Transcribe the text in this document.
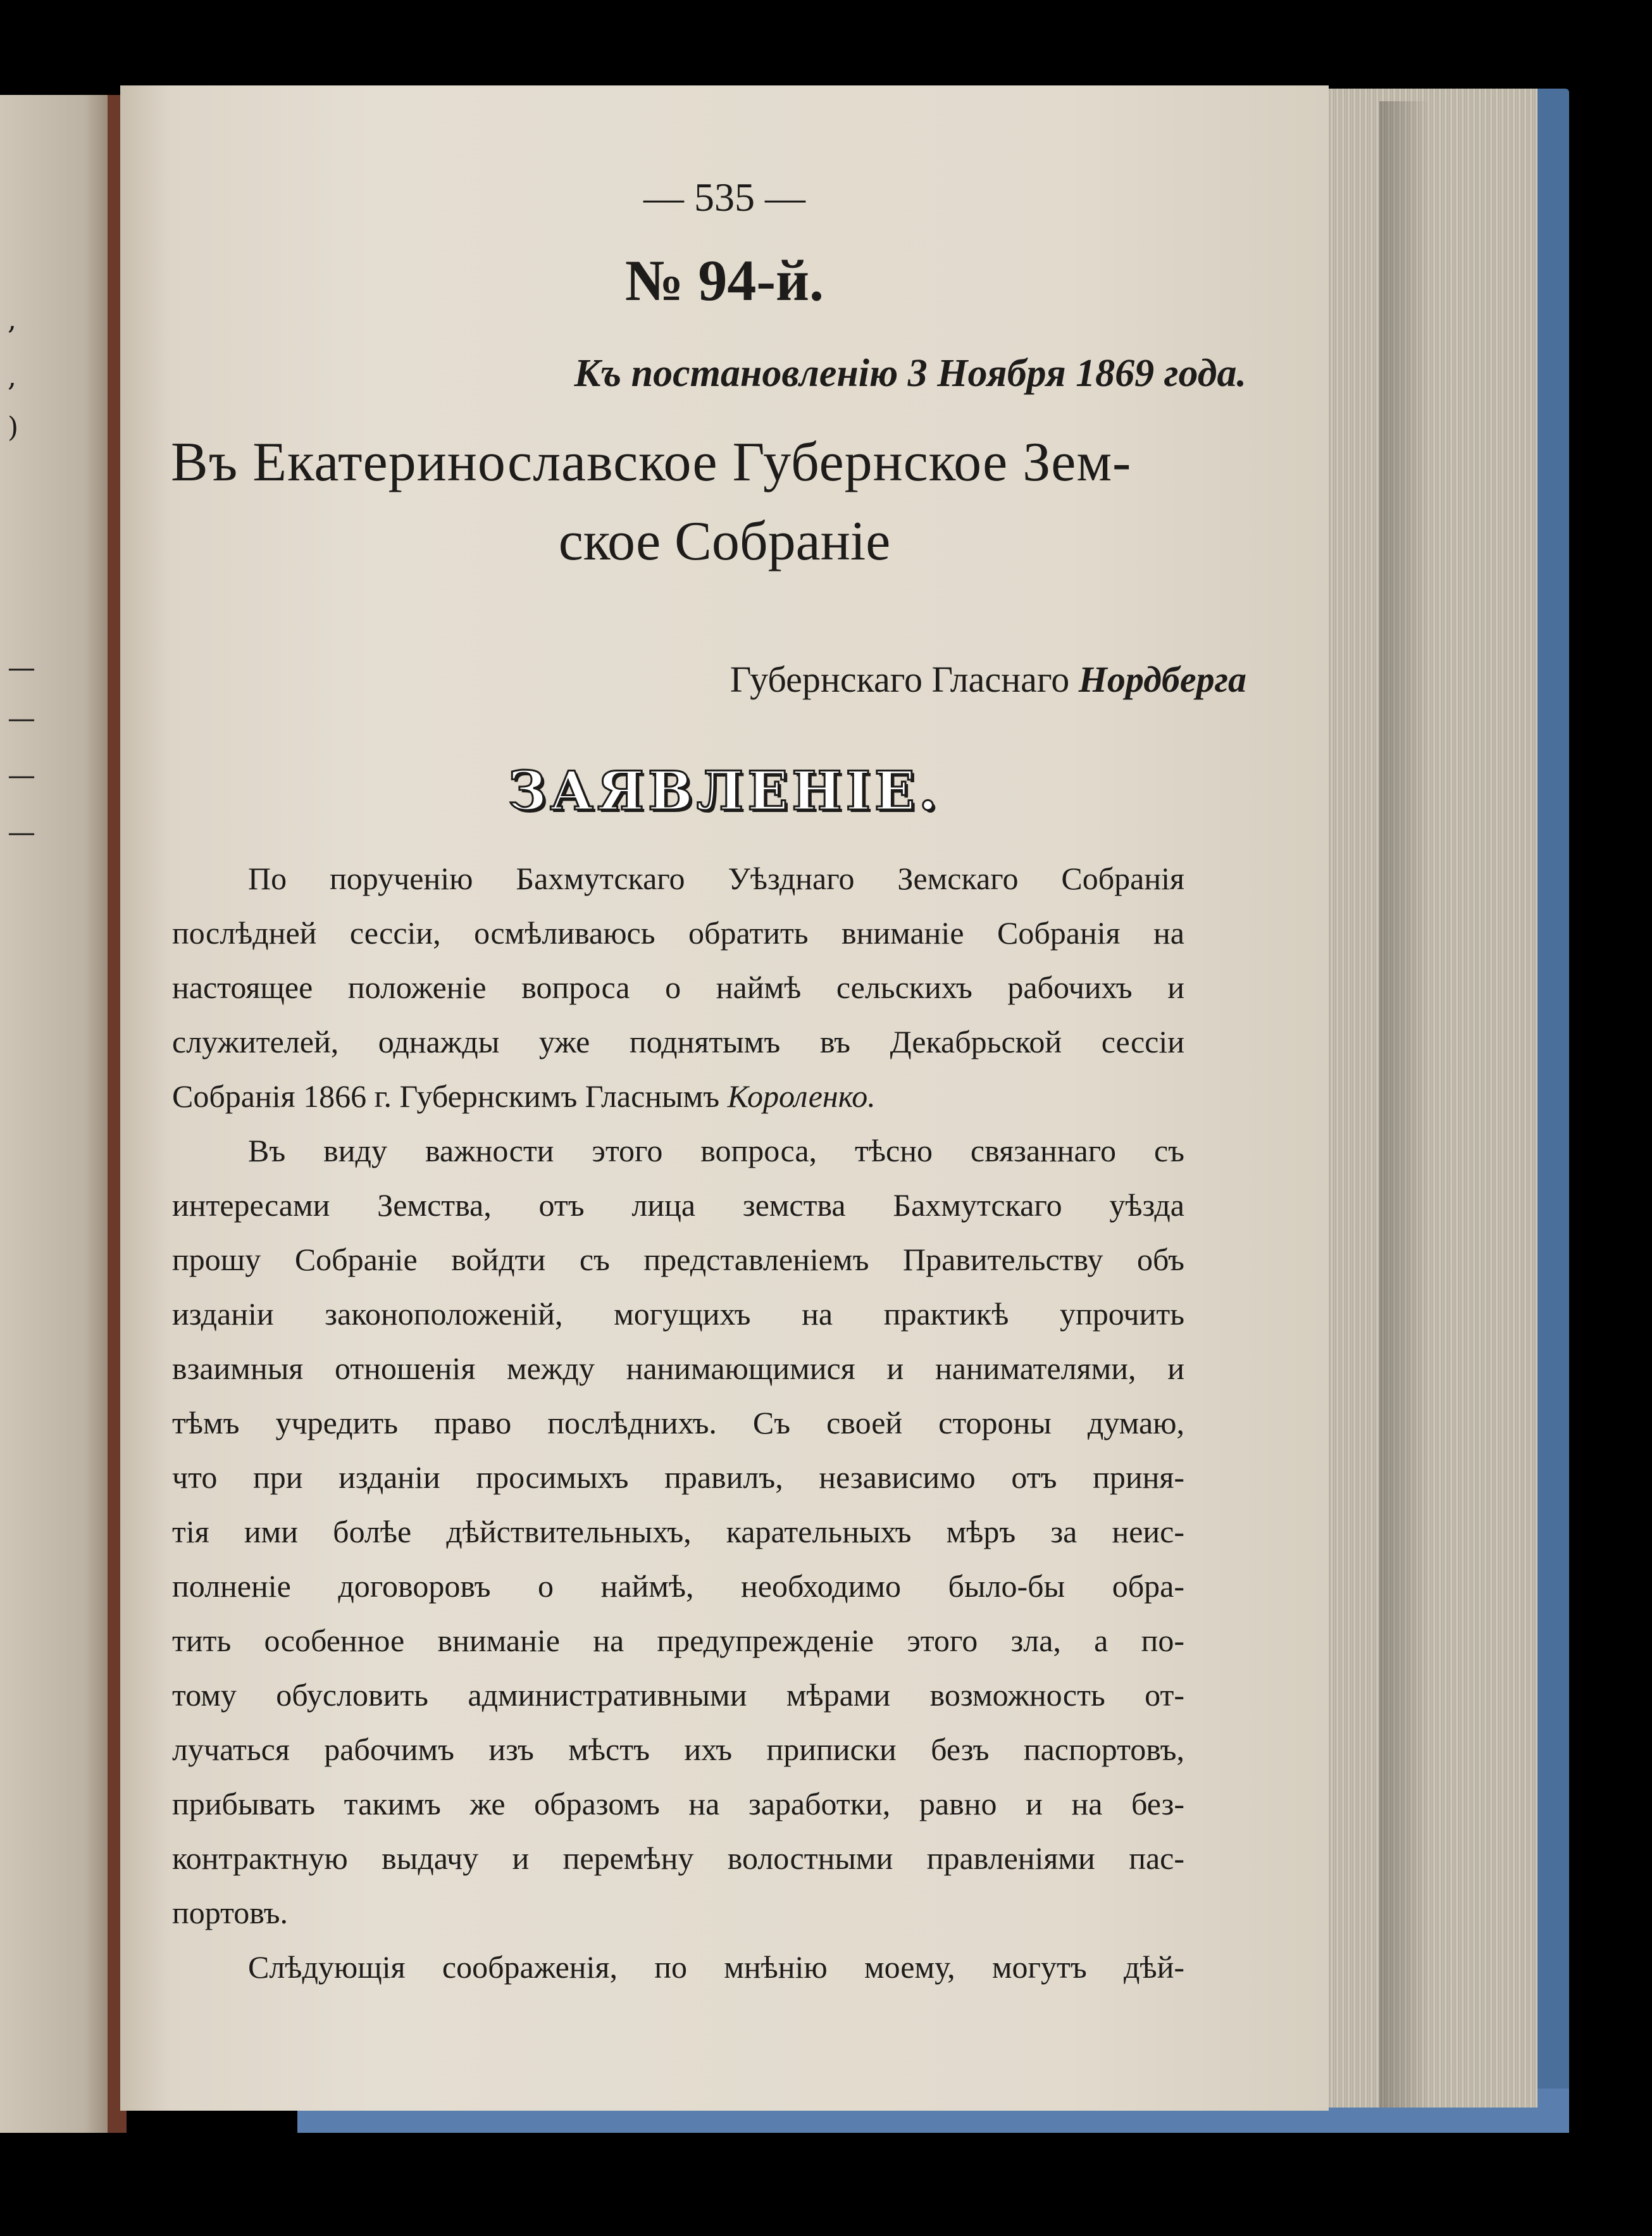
,
,
)
—
—
—
—
— 535 —
№ 94-й.
Къ постановленію 3 Ноября 1869 года.
Въ Екатеринославское Губернское Зем-
ское Собраніе
Губернскаго Гласнаго Нордберга
ЗАЯВЛЕНІЕ.
По порученію Бахмутскаго Уѣзднаго Земскаго Собранія
послѣдней сессіи, осмѣливаюсь обратить вниманіе Собранія на
настоящее положеніе вопроса о наймѣ сельскихъ рабочихъ и
служителей, однажды уже поднятымъ въ Декабрьской сессіи
Собранія 1866 г. Губернскимъ Гласнымъ Короленко.
Въ виду важности этого вопроса, тѣсно связаннаго съ
интересами Земства, отъ лица земства Бахмутскаго уѣзда
прошу Собраніе войдти съ представленіемъ Правительству объ
изданіи законоположеній, могущихъ на практикѣ упрочить
взаимныя отношенія между нанимающимися и нанимателями, и
тѣмъ учредить право послѣднихъ. Съ своей стороны думаю,
что при изданіи просимыхъ правилъ, независимо отъ приня-
тія ими болѣе дѣйствительныхъ, карательныхъ мѣръ за неис-
полненіе договоровъ о наймѣ, необходимо было-бы обра-
тить особенное вниманіе на предупрежденіе этого зла, а по-
тому обусловить административными мѣрами возможность от-
лучаться рабочимъ изъ мѣстъ ихъ приписки безъ паспортовъ,
прибывать такимъ же образомъ на заработки, равно и на без-
контрактную выдачу и перемѣну волостными правленіями пас-
портовъ.
Слѣдующія соображенія, по мнѣнію моему, могутъ дѣй-
